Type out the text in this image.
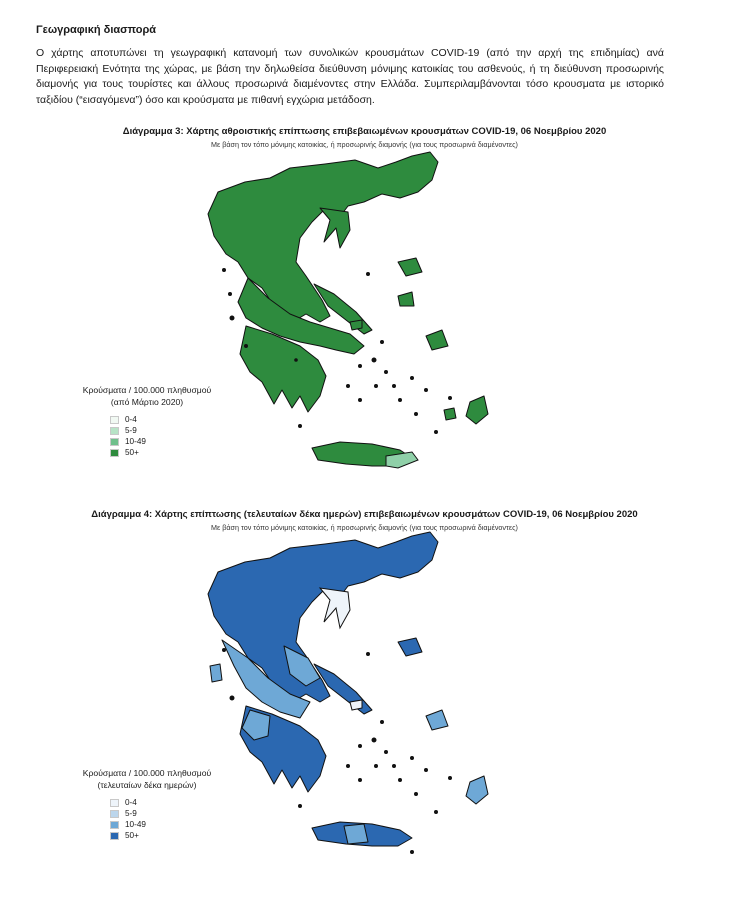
Γεωγραφική διασπορά
Ο χάρτης αποτυπώνει τη γεωγραφική κατανομή των συνολικών κρουσμάτων COVID-19 (από την αρχή της επιδημίας) ανά Περιφερειακή Ενότητα της χώρας, με βάση την δηλωθείσα διεύθυνση μόνιμης κατοικίας του ασθενούς, ή τη διεύθυνση προσωρινής διαμονής για τους τουρίστες και άλλους προσωρινά διαμένοντες στην Ελλάδα. Συμπεριλαμβάνονται τόσο κρουσματα με ιστορικό ταξιδίου (“εισαγόμενα”) όσο και κρούσματα με πιθανή εγχώρια μετάδοση.
Διάγραμμα 3: Χάρτης αθροιστικής επίπτωσης επιβεβαιωμένων κρουσμάτων COVID-19, 06 Νοεμβρίου 2020
Με βάση τον τόπο μόνιμης κατοικίας, ή προσωρινής διαμονής (για τους προσωρινά διαμένοντες)
Κρούσματα / 100.000 πληθυσμού
(από Μάρτιο 2020)
0-4
5-9
10-49
50+
Διάγραμμα 4: Χάρτης επίπτωσης (τελευταίων δέκα ημερών) επιβεβαιωμένων κρουσμάτων COVID-19, 06 Νοεμβρίου 2020
Με βάση τον τόπο μόνιμης κατοικίας, ή προσωρινής διαμονής (για τους προσωρινά διαμένοντες)
Κρούσματα / 100.000 πληθυσμού
(τελευταίων δέκα ημερών)
0-4
5-9
10-49
50+
